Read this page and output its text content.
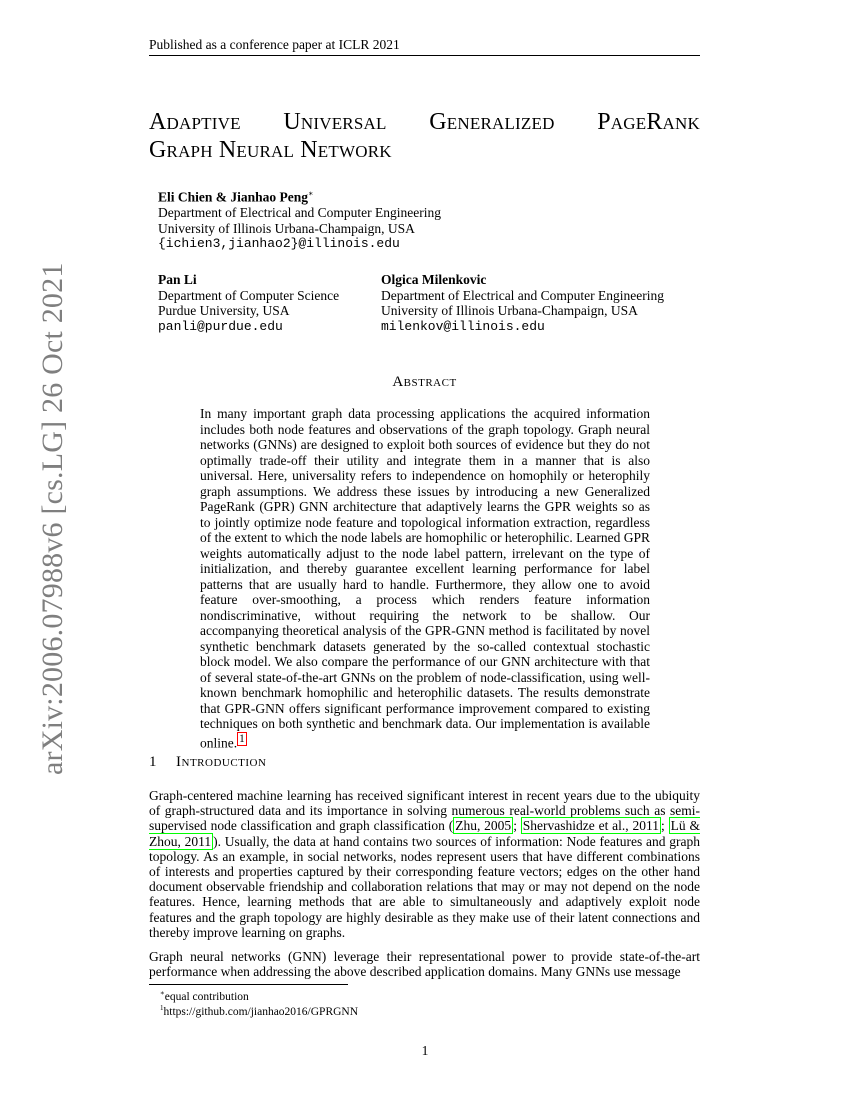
arXiv:2006.07988v6 [cs.LG] 26 Oct 2021
Published as a conference paper at ICLR 2021
Adaptive Universal Generalized PageRank
Graph Neural Network
Eli Chien & Jianhao Peng∗
Department of Electrical and Computer Engineering
University of Illinois Urbana-Champaign, USA
{ichien3,jianhao2}@illinois.edu
Pan Li
Department of Computer Science
Purdue University, USA
panli@purdue.edu
Olgica Milenkovic
Department of Electrical and Computer Engineering
University of Illinois Urbana-Champaign, USA
milenkov@illinois.edu
Abstract
In many important graph data processing applications the acquired information includes both node features and observations of the graph topology. Graph neural networks (GNNs) are designed to exploit both sources of evidence but they do not optimally trade-off their utility and integrate them in a manner that is also universal. Here, universality refers to independence on homophily or heterophily graph assumptions. We address these issues by introducing a new Generalized PageRank (GPR) GNN architecture that adaptively learns the GPR weights so as to jointly optimize node feature and topological information extraction, regardless of the extent to which the node labels are homophilic or heterophilic. Learned GPR weights automatically adjust to the node label pattern, irrelevant on the type of initialization, and thereby guarantee excellent learning performance for label patterns that are usually hard to handle. Furthermore, they allow one to avoid feature over-smoothing, a process which renders feature information nondiscriminative, without requiring the network to be shallow. Our accompanying theoretical analysis of the GPR-GNN method is facilitated by novel synthetic benchmark datasets generated by the so-called contextual stochastic block model. We also compare the performance of our GNN architecture with that of several state-of-the-art GNNs on the problem of node-classification, using well-known benchmark homophilic and heterophilic datasets. The results demonstrate that GPR-GNN offers significant performance improvement compared to existing techniques on both synthetic and benchmark data. Our implementation is available online. $^1$
1 Introduction
Graph-centered machine learning has received significant interest in recent years due to the ubiquity of graph-structured data and its importance in solving numerous real-world problems such as semi-supervised node classification and graph classification ( Zhu, 2005 ; Shervashidze et al., 2011 ; Lü & Zhou, 2011 ). Usually, the data at hand contains two sources of information: Node features and graph topology. As an example, in social networks, nodes represent users that have different combinations of interests and properties captured by their corresponding feature vectors; edges on the other hand document observable friendship and collaboration relations that may or may not depend on the node features. Hence, learning methods that are able to simultaneously and adaptively exploit node features and the graph topology are highly desirable as they make use of their latent connections and thereby improve learning on graphs.
Graph neural networks (GNN) leverage their representational power to provide state-of-the-art performance when addressing the above described application domains. Many GNNs use message
∗equal contribution
$^1$https://github.com/jianhao2016/GPRGNN
1
